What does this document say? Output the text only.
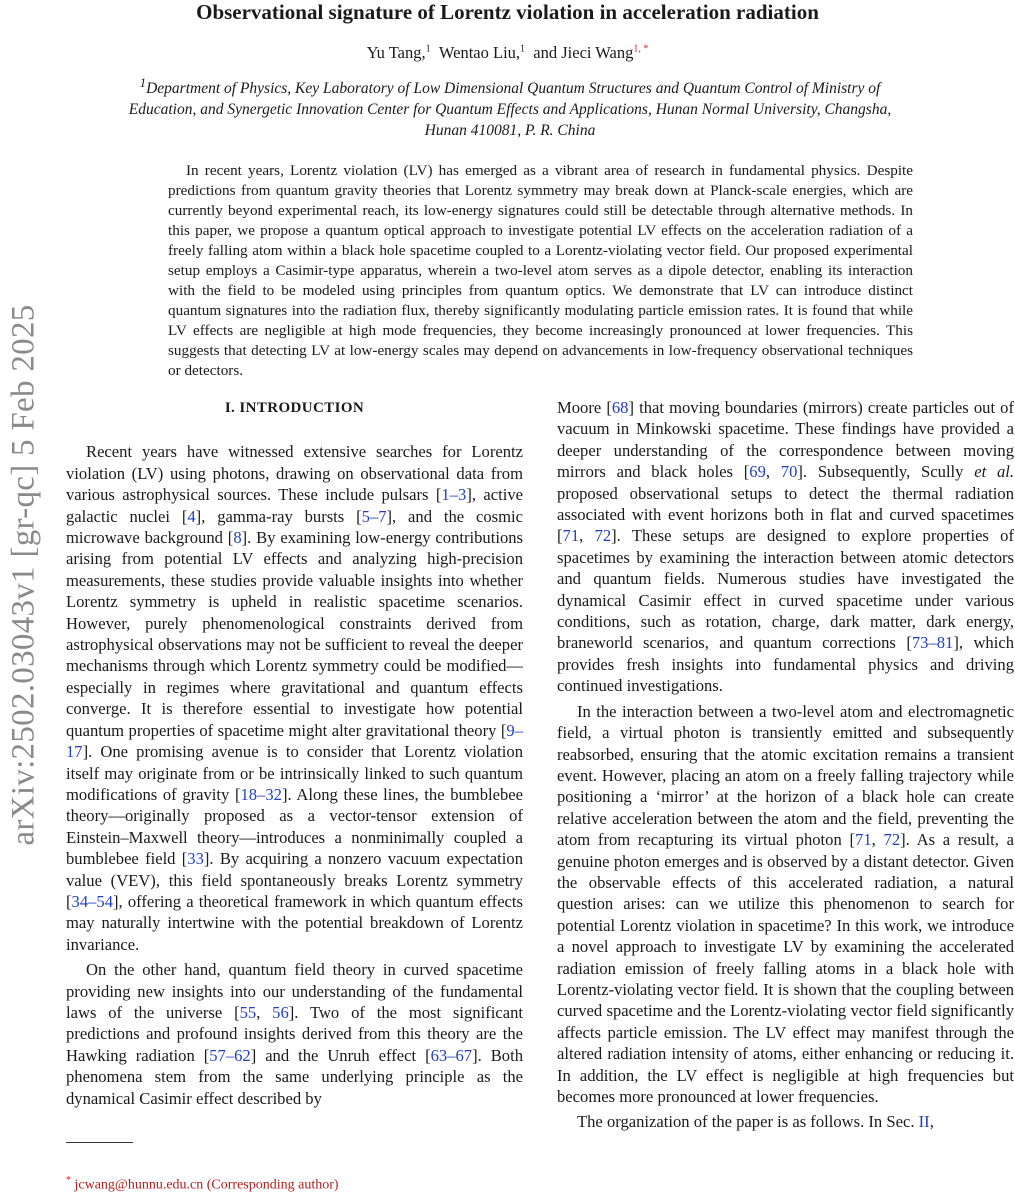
arXiv:2502.03043v1 [gr-qc] 5 Feb 2025
Observational signature of Lorentz violation in acceleration radiation
Yu Tang,$^1$ Wentao Liu,$^1$ and Jieci Wang$^{1, *}$
$^1$Department of Physics, Key Laboratory of Low Dimensional Quantum Structures and Quantum Control of Ministry of Education, and Synergetic Innovation Center for Quantum Effects and Applications, Hunan Normal University, Changsha, Hunan 410081, P. R. China

In recent years, Lorentz violation (LV) has emerged as a vibrant area of research in fundamental physics. Despite predictions from quantum gravity theories that Lorentz symmetry may break down at Planck-scale energies, which are currently beyond experimental reach, its low-energy signatures could still be detectable through alternative methods. In this paper, we propose a quantum optical approach to investigate potential LV effects on the acceleration radiation of a freely falling atom within a black hole spacetime coupled to a Lorentz-violating vector field. Our proposed experimental setup employs a Casimir-type apparatus, wherein a two-level atom serves as a dipole detector, enabling its interaction with the field to be modeled using principles from quantum optics. We demonstrate that LV can introduce distinct quantum signatures into the radiation flux, thereby significantly modulating particle emission rates. It is found that while LV effects are negligible at high mode frequencies, they become increasingly pronounced at lower frequencies. This suggests that detecting LV at low-energy scales may depend on advancements in low-frequency observational techniques or detectors.

I. INTRODUCTION

Recent years have witnessed extensive searches for Lorentz violation (LV) using photons, drawing on observational data from various astrophysical sources. These include pulsars [1–3], active galactic nuclei [4], gamma-ray bursts [5–7], and the cosmic microwave background [8]. By examining low-energy contributions arising from potential LV effects and analyzing high-precision measurements, these studies provide valuable insights into whether Lorentz symmetry is upheld in realistic spacetime scenarios. However, purely phenomenological constraints derived from astrophysical observations may not be sufficient to reveal the deeper mechanisms through which Lorentz symmetry could be modified—especially in regimes where gravitational and quantum effects converge. It is therefore essential to investigate how potential quantum properties of spacetime might alter gravitational theory [9–17]. One promising avenue is to consider that Lorentz violation itself may originate from or be intrinsically linked to such quantum modifications of gravity [18–32]. Along these lines, the bumblebee theory—originally proposed as a vector-tensor extension of Einstein–Maxwell theory—introduces a nonminimally coupled a bumblebee field [33]. By acquiring a nonzero vacuum expectation value (VEV), this field spontaneously breaks Lorentz symmetry [34–54], offering a theoretical framework in which quantum effects may naturally intertwine with the potential breakdown of Lorentz invariance.

On the other hand, quantum field theory in curved spacetime providing new insights into our understanding of the fundamental laws of the universe [55, 56]. Two of the most significant predictions and profound insights derived from this theory are the Hawking radiation [57–62] and the Unruh effect [63–67]. Both phenomena stem from the same underlying principle as the dynamical Casimir effect described by

Moore [68] that moving boundaries (mirrors) create particles out of vacuum in Minkowski spacetime. These findings have provided a deeper understanding of the correspondence between moving mirrors and black holes [69, 70]. Subsequently, Scully et al. proposed observational setups to detect the thermal radiation associated with event horizons both in flat and curved spacetimes [71, 72]. These setups are designed to explore properties of spacetimes by examining the interaction between atomic detectors and quantum fields. Numerous studies have investigated the dynamical Casimir effect in curved spacetime under various conditions, such as rotation, charge, dark matter, dark energy, braneworld scenarios, and quantum corrections [73–81], which provides fresh insights into fundamental physics and driving continued investigations.

In the interaction between a two-level atom and electromagnetic field, a virtual photon is transiently emitted and subsequently reabsorbed, ensuring that the atomic excitation remains a transient event. However, placing an atom on a freely falling trajectory while positioning a ‘mirror’ at the horizon of a black hole can create relative acceleration between the atom and the field, preventing the atom from recapturing its virtual photon [71, 72]. As a result, a genuine photon emerges and is observed by a distant detector. Given the observable effects of this accelerated radiation, a natural question arises: can we utilize this phenomenon to search for potential Lorentz violation in spacetime? In this work, we introduce a novel approach to investigate LV by examining the accelerated radiation emission of freely falling atoms in a black hole with Lorentz-violating vector field. It is shown that the coupling between curved spacetime and the Lorentz-violating vector field significantly affects particle emission. The LV effect may manifest through the altered radiation intensity of atoms, either enhancing or reducing it. In addition, the LV effect is negligible at high frequencies but becomes more pronounced at lower frequencies.

The organization of the paper is as follows. In Sec. II,

* jcwang@hunnu.edu.cn (Corresponding author)
